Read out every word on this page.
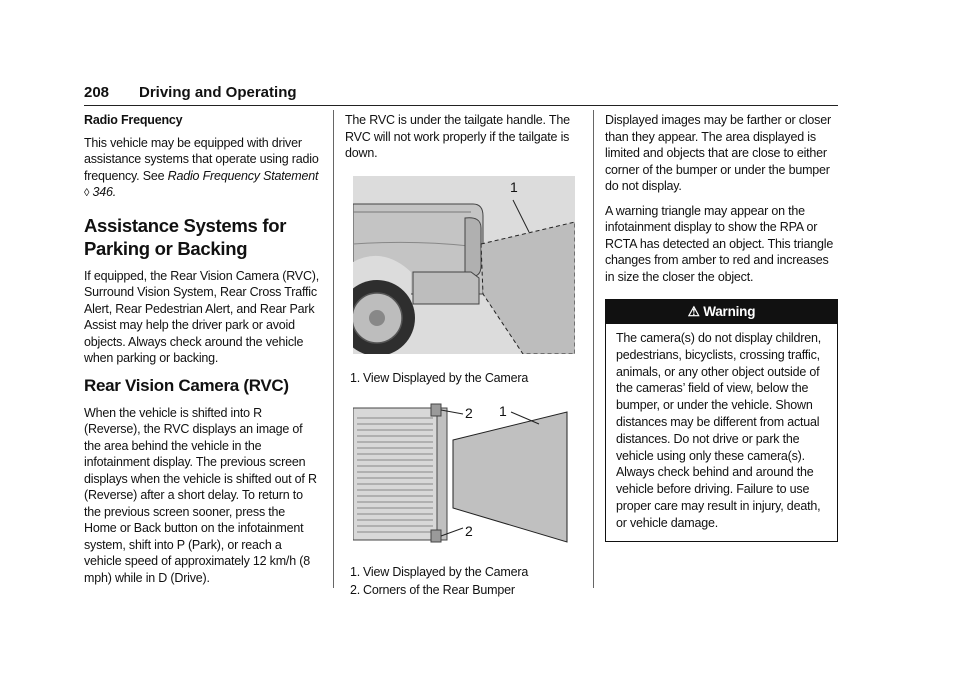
208 Driving and Operating

Radio Frequency

This vehicle may be equipped with driver assistance systems that operate using radio frequency. See Radio Frequency Statement
◊ 346.

Assistance Systems for Parking or Backing

If equipped, the Rear Vision Camera (RVC), Surround Vision System, Rear Cross Traffic Alert, Rear Pedestrian Alert, and Rear Park Assist may help the driver park or avoid objects. Always check around the vehicle when parking or backing.

Rear Vision Camera (RVC)

When the vehicle is shifted into R (Reverse), the RVC displays an image of the area behind the vehicle in the infotainment display. The previous screen displays when the vehicle is shifted out of R (Reverse) after a short delay. To return to the previous screen sooner, press the Home or Back button on the infotainment system, shift into P (Park), or reach a vehicle speed of approximately 12 km/h (8 mph) while in D (Drive).

The RVC is under the tailgate handle. The RVC will not work properly if the tailgate is down.

1
1. View Displayed by the Camera
2 1
2
1. View Displayed by the Camera
2. Corners of the Rear Bumper

Displayed images may be farther or closer than they appear. The area displayed is limited and objects that are close to either corner of the bumper or under the bumper do not display.

A warning triangle may appear on the infotainment display to show the RPA or RCTA has detected an object. This triangle changes from amber to red and increases in size the closer the object.

⚠ Warning
The camera(s) do not display children, pedestrians, bicyclists, crossing traffic, animals, or any other object outside of the cameras’ field of view, below the bumper, or under the vehicle. Shown distances may be different from actual distances. Do not drive or park the vehicle using only these camera(s). Always check behind and around the vehicle before driving. Failure to use proper care may result in injury, death, or vehicle damage.
